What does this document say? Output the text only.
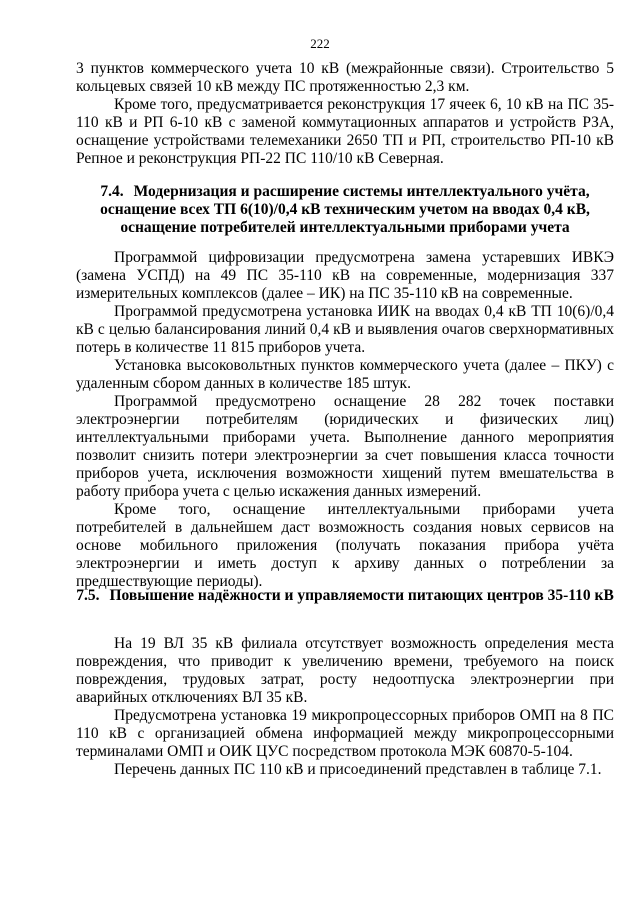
222

3 пунктов коммерческого учета 10 кВ (межрайонные связи). Строительство 5 кольцевых связей 10 кВ между ПС протяженностью 2,3 км.

Кроме того, предусматривается реконструкция 17 ячеек 6, 10 кВ на ПС 35-110 кВ и РП 6-10 кВ с заменой коммутационных аппаратов и устройств РЗА, оснащение устройствами телемеханики 2650 ТП и РП, строительство РП-10 кВ Репное и реконструкция РП-22 ПС 110/10 кВ Северная.

7.4. Модернизация и расширение системы интеллектуального учёта, оснащение всех ТП 6(10)/0,4 кВ техническим учетом на вводах 0,4 кВ, оснащение потребителей интеллектуальными приборами учета

Программой цифровизации предусмотрена замена устаревших ИВКЭ (замена УСПД) на 49 ПС 35-110 кВ на современные, модернизация 337 измерительных комплексов (далее – ИК) на ПС 35-110 кВ на современные.

Программой предусмотрена установка ИИК на вводах 0,4 кВ ТП 10(6)/0,4 кВ с целью балансирования линий 0,4 кВ и выявления очагов сверхнормативных потерь в количестве 11 815 приборов учета.

Установка высоковольтных пунктов коммерческого учета (далее – ПКУ) с удаленным сбором данных в количестве 185 штук.

Программой предусмотрено оснащение 28 282 точек поставки электроэнергии потребителям (юридических и физических лиц) интеллектуальными приборами учета. Выполнение данного мероприятия позволит снизить потери электроэнергии за счет повышения класса точности приборов учета, исключения возможности хищений путем вмешательства в работу прибора учета с целью искажения данных измерений.

Кроме того, оснащение интеллектуальными приборами учета потребителей в дальнейшем даст возможность создания новых сервисов на основе мобильного приложения (получать показания прибора учёта электроэнергии и иметь доступ к архиву данных о потреблении за предшествующие периоды).

7.5. Повышение надёжности и управляемости питающих центров 35-110 кВ

На 19 ВЛ 35 кВ филиала отсутствует возможность определения места повреждения, что приводит к увеличению времени, требуемого на поиск повреждения, трудовых затрат, росту недоотпуска электроэнергии при аварийных отключениях ВЛ 35 кВ.

Предусмотрена установка 19 микропроцессорных приборов ОМП на 8 ПС 110 кВ с организацией обмена информацией между микропроцессорными терминалами ОМП и ОИК ЦУС посредством протокола МЭК 60870-5-104.

Перечень данных ПС 110 кВ и присоединений представлен в таблице 7.1.
